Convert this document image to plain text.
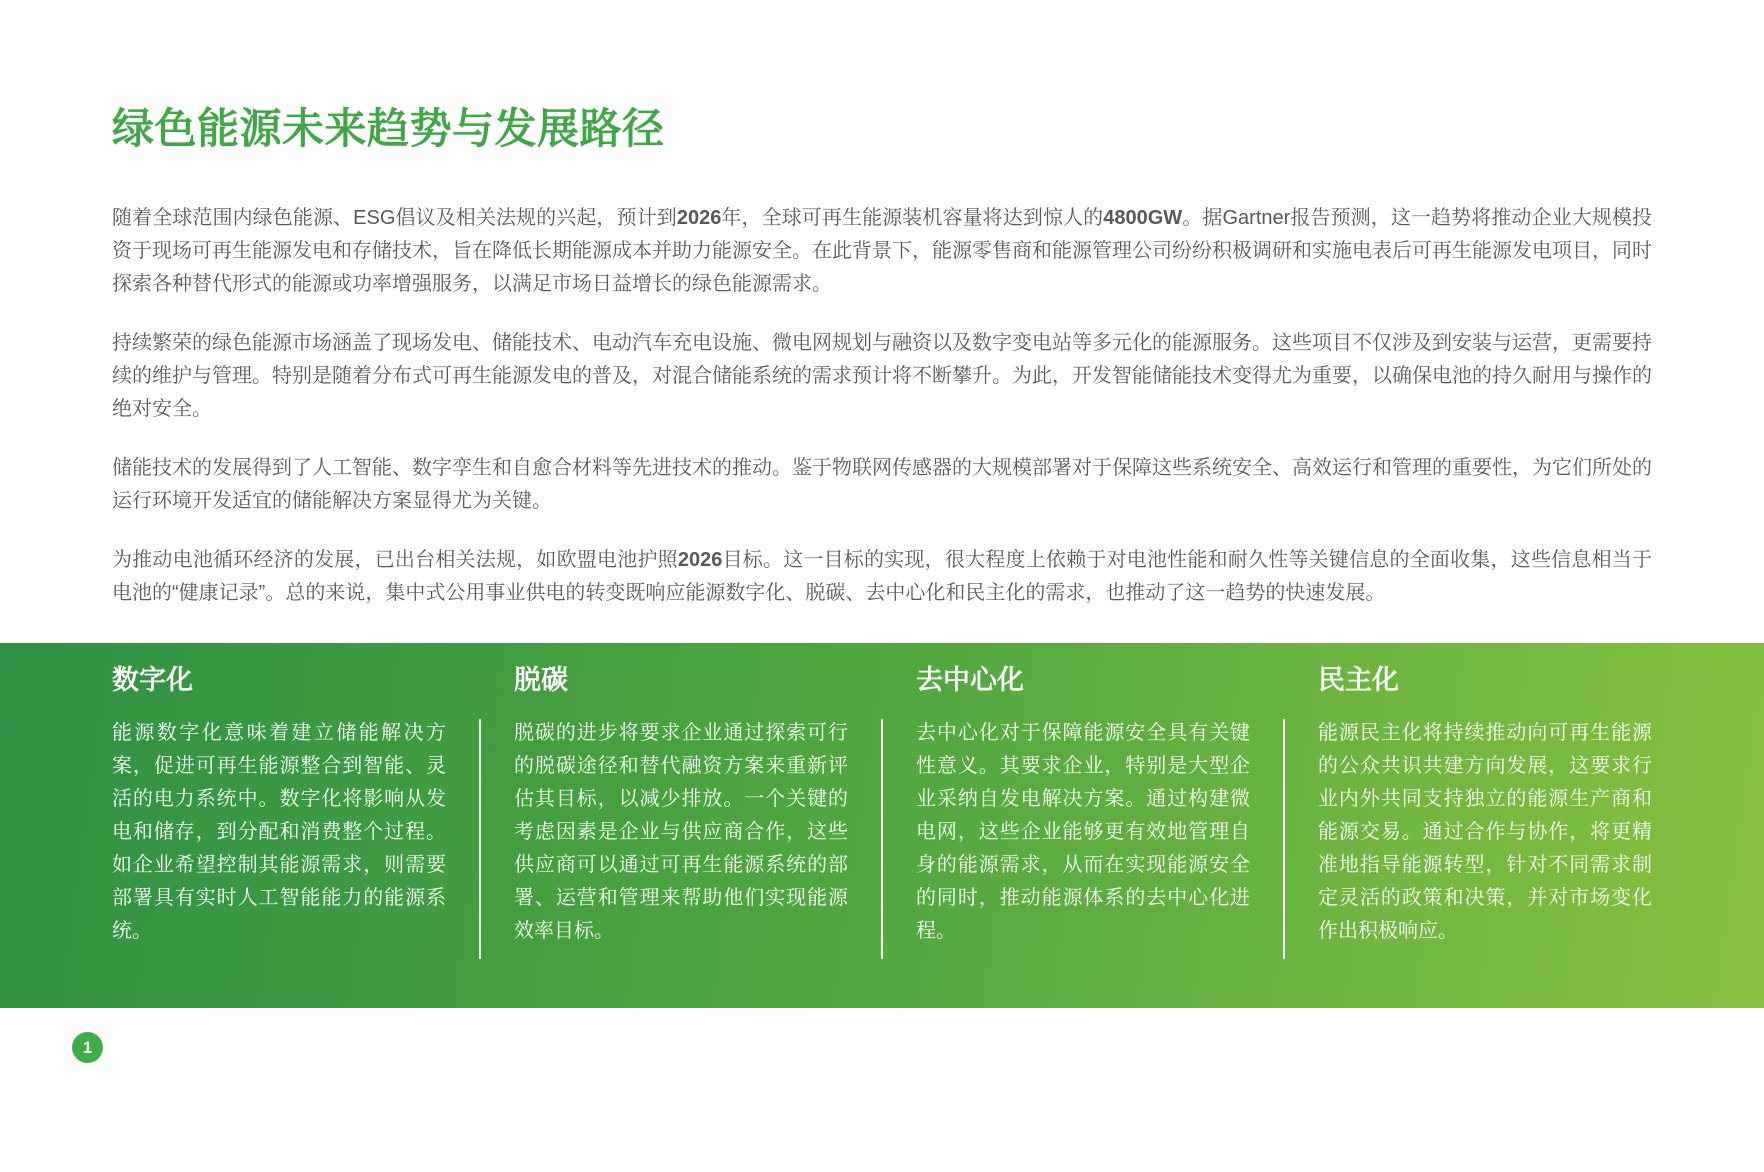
绿色能源未来趋势与发展路径

随着全球范围内绿色能源、ESG倡议及相关法规的兴起，预计到2026年，全球可再生能源装机容量将达到惊人的4800GW。据Gartner报告预测，这一趋势将推动企业大规模投资于现场可再生能源发电和存储技术，旨在降低长期能源成本并助力能源安全。在此背景下，能源零售商和能源管理公司纷纷积极调研和实施电表后可再生能源发电项目，同时探索各种替代形式的能源或功率增强服务，以满足市场日益增长的绿色能源需求。

持续繁荣的绿色能源市场涵盖了现场发电、储能技术、电动汽车充电设施、微电网规划与融资以及数字变电站等多元化的能源服务。这些项目不仅涉及到安装与运营，更需要持续的维护与管理。特别是随着分布式可再生能源发电的普及，对混合储能系统的需求预计将不断攀升。为此，开发智能储能技术变得尤为重要，以确保电池的持久耐用与操作的绝对安全。

储能技术的发展得到了人工智能、数字孪生和自愈合材料等先进技术的推动。鉴于物联网传感器的大规模部署对于保障这些系统安全、高效运行和管理的重要性，为它们所处的运行环境开发适宜的储能解决方案显得尤为关键。

为推动电池循环经济的发展，已出台相关法规，如欧盟电池护照2026目标。这一目标的实现，很大程度上依赖于对电池性能和耐久性等关键信息的全面收集，这些信息相当于电池的“健康记录”。总的来说，集中式公用事业供电的转变既响应能源数字化、脱碳、去中心化和民主化的需求，也推动了这一趋势的快速发展。

数字化

能源数字化意味着建立储能解决方案，促进可再生能源整合到智能、灵活的电力系统中。数字化将影响从发电和储存，到分配和消费整个过程。如企业希望控制其能源需求，则需要部署具有实时人工智能能力的能源系统。

脱碳

脱碳的进步将要求企业通过探索可行的脱碳途径和替代融资方案来重新评估其目标，以减少排放。一个关键的考虑因素是企业与供应商合作，这些供应商可以通过可再生能源系统的部署、运营和管理来帮助他们实现能源效率目标。

去中心化

去中心化对于保障能源安全具有关键性意义。其要求企业，特别是大型企业采纳自发电解决方案。通过构建微电网，这些企业能够更有效地管理自身的能源需求，从而在实现能源安全的同时，推动能源体系的去中心化进程。

民主化

能源民主化将持续推动向可再生能源的公众共识共建方向发展，这要求行业内外共同支持独立的能源生产商和能源交易。通过合作与协作，将更精准地指导能源转型，针对不同需求制定灵活的政策和决策，并对市场变化作出积极响应。

1
